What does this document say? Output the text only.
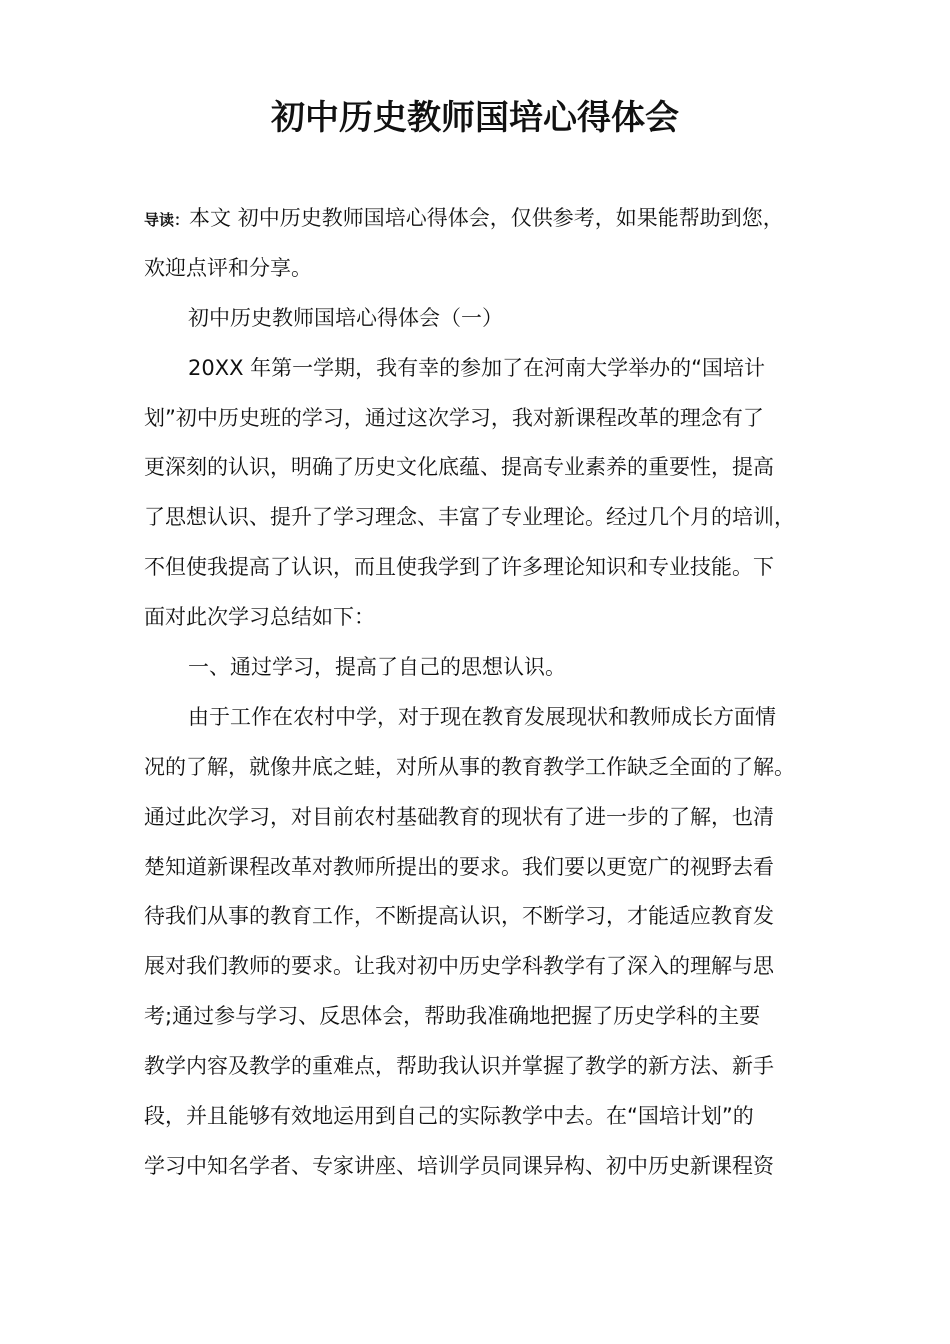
初中历史教师国培心得体会
导读：本文 初中历史教师国培心得体会，仅供参考，如果能帮助到您，
欢迎点评和分享。
初中历史教师国培心得体会（一）
20XX 年第一学期，我有幸的参加了在河南大学举办的“国培计
划”初中历史班的学习，通过这次学习，我对新课程改革的理念有了
更深刻的认识，明确了历史文化底蕴、提高专业素养的重要性，提高
了思想认识、提升了学习理念、丰富了专业理论。经过几个月的培训，
不但使我提高了认识，而且使我学到了许多理论知识和专业技能。下
面对此次学习总结如下：
一、通过学习，提高了自己的思想认识。
由于工作在农村中学，对于现在教育发展现状和教师成长方面情
况的了解，就像井底之蛙，对所从事的教育教学工作缺乏全面的了解。
通过此次学习，对目前农村基础教育的现状有了进一步的了解，也清
楚知道新课程改革对教师所提出的要求。我们要以更宽广的视野去看
待我们从事的教育工作，不断提高认识，不断学习，才能适应教育发
展对我们教师的要求。让我对初中历史学科教学有了深入的理解与思
考;通过参与学习、反思体会，帮助我准确地把握了历史学科的主要
教学内容及教学的重难点，帮助我认识并掌握了教学的新方法、新手
段，并且能够有效地运用到自己的实际教学中去。在“国培计划”的
学习中知名学者、专家讲座、培训学员同课异构、初中历史新课程资
